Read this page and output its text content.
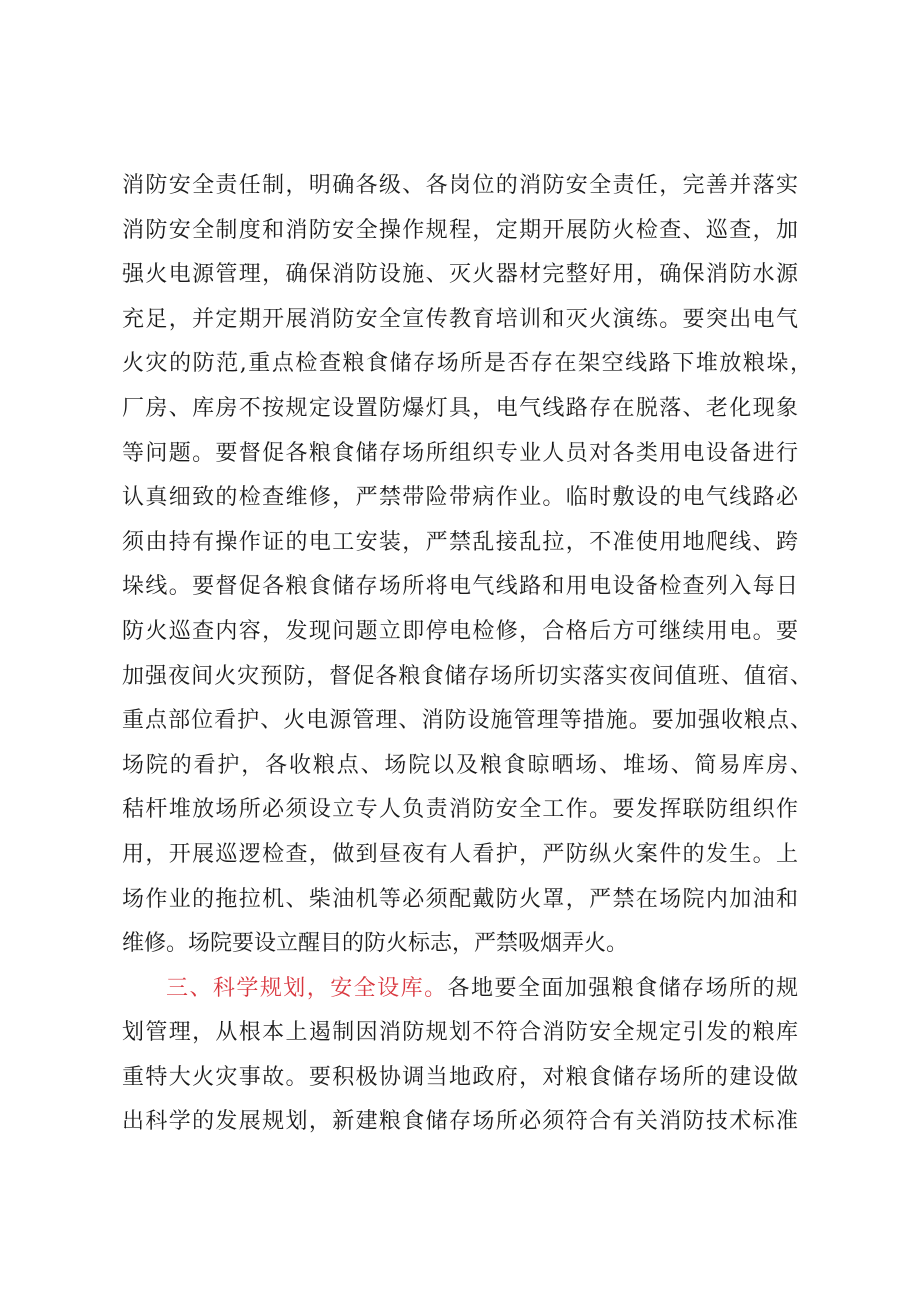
消防安全责任制，明确各级、各岗位的消防安全责任，完善并落实
消防安全制度和消防安全操作规程，定期开展防火检查、巡查，加
强火电源管理，确保消防设施、灭火器材完整好用，确保消防水源
充足，并定期开展消防安全宣传教育培训和灭火演练。要突出电气
火灾的防范,重点检查粮食储存场所是否存在架空线路下堆放粮垛，
厂房、库房不按规定设置防爆灯具，电气线路存在脱落、老化现象
等问题。要督促各粮食储存场所组织专业人员对各类用电设备进行
认真细致的检查维修，严禁带险带病作业。临时敷设的电气线路必
须由持有操作证的电工安装，严禁乱接乱拉，不准使用地爬线、跨
垛线。要督促各粮食储存场所将电气线路和用电设备检查列入每日
防火巡查内容，发现问题立即停电检修，合格后方可继续用电。要
加强夜间火灾预防，督促各粮食储存场所切实落实夜间值班、值宿、
重点部位看护、火电源管理、消防设施管理等措施。要加强收粮点、
场院的看护，各收粮点、场院以及粮食晾晒场、堆场、简易库房、
秸杆堆放场所必须设立专人负责消防安全工作。要发挥联防组织作
用，开展巡逻检查，做到昼夜有人看护，严防纵火案件的发生。上
场作业的拖拉机、柴油机等必须配戴防火罩，严禁在场院内加油和
维修。场院要设立醒目的防火标志，严禁吸烟弄火。
三、科学规划，安全设库。各地要全面加强粮食储存场所的规
划管理，从根本上遏制因消防规划不符合消防安全规定引发的粮库
重特大火灾事故。要积极协调当地政府，对粮食储存场所的建设做
出科学的发展规划，新建粮食储存场所必须符合有关消防技术标准
